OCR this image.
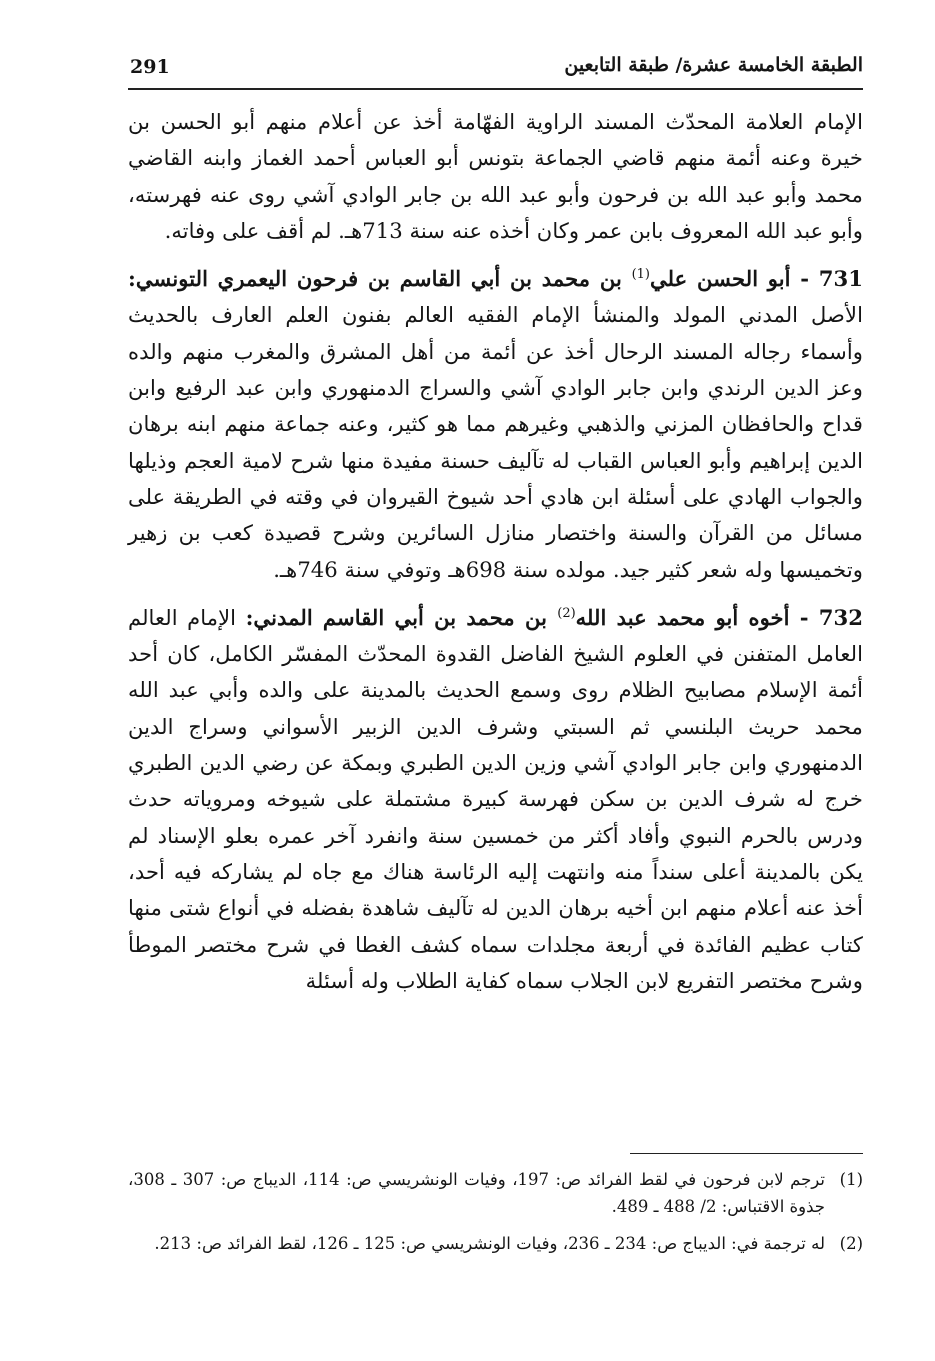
291	الطبقة الخامسة عشرة/ طبقة التابعين

الإمام العلامة المحدّث المسند الراوية الفهّامة أخذ عن أعلام منهم أبو الحسن بن خيرة وعنه أئمة منهم قاضي الجماعة بتونس أبو العباس أحمد الغماز وابنه القاضي محمد وأبو عبد الله بن فرحون وأبو عبد الله بن جابر الوادي آشي روى عنه فهرسته، وأبو عبد الله المعروف بابن عمر وكان أخذه عنه سنة 713هـ. لم أقف على وفاته.

731 - أبو الحسن علي$^{(1)}$ بن محمد بن أبي القاسم بن فرحون اليعمري التونسي: الأصل المدني المولد والمنشأ الإمام الفقيه العالم بفنون العلم العارف بالحديث وأسماء رجاله المسند الرحال أخذ عن أئمة من أهل المشرق والمغرب منهم والده وعز الدين الرندي وابن جابر الوادي آشي والسراج الدمنهوري وابن عبد الرفيع وابن قداح والحافظان المزني والذهبي وغيرهم مما هو كثير، وعنه جماعة منهم ابنه برهان الدين إبراهيم وأبو العباس القباب له تآليف حسنة مفيدة منها شرح لامية العجم وذيلها والجواب الهادي على أسئلة ابن هادي أحد شيوخ القيروان في وقته في الطريقة على مسائل من القرآن والسنة واختصار منازل السائرين وشرح قصيدة كعب بن زهير وتخميسها وله شعر كثير جيد. مولده سنة 698هـ وتوفي سنة 746هـ.

732 - أخوه أبو محمد عبد الله$^{(2)}$ بن محمد بن أبي القاسم المدني: الإمام العالم العامل المتفنن في العلوم الشيخ الفاضل القدوة المحدّث المفسّر الكامل، كان أحد أئمة الإسلام مصابيح الظلام روى وسمع الحديث بالمدينة على والده وأبي عبد الله محمد حريث البلنسي ثم السبتي وشرف الدين الزبير الأسواني وسراج الدين الدمنهوري وابن جابر الوادي آشي وزين الدين الطبري وبمكة عن رضي الدين الطبري خرج له شرف الدين بن سكن فهرسة كبيرة مشتملة على شيوخه ومروياته حدث ودرس بالحرم النبوي وأفاد أكثر من خمسين سنة وانفرد آخر عمره بعلو الإسناد لم يكن بالمدينة أعلى سنداً منه وانتهت إليه الرئاسة هناك مع جاه لم يشاركه فيه أحد، أخذ عنه أعلام منهم ابن أخيه برهان الدين له تآليف شاهدة بفضله في أنواع شتى منها كتاب عظيم الفائدة في أربعة مجلدات سماه كشف الغطا في شرح مختصر الموطأ وشرح مختصر التفريع لابن الجلاب سماه كفاية الطلاب وله أسئلة

(1)
ترجم لابن فرحون في لقط الفرائد ص: 197، وفيات الونشريسي ص: 114، الديباج ص: 307 ـ 308، جذوة الاقتباس: 2/ 488 ـ 489.
(2)
له ترجمة في: الديباج ص: 234 ـ 236، وفيات الونشريسي ص: 125 ـ 126، لقط الفرائد ص: 213.
